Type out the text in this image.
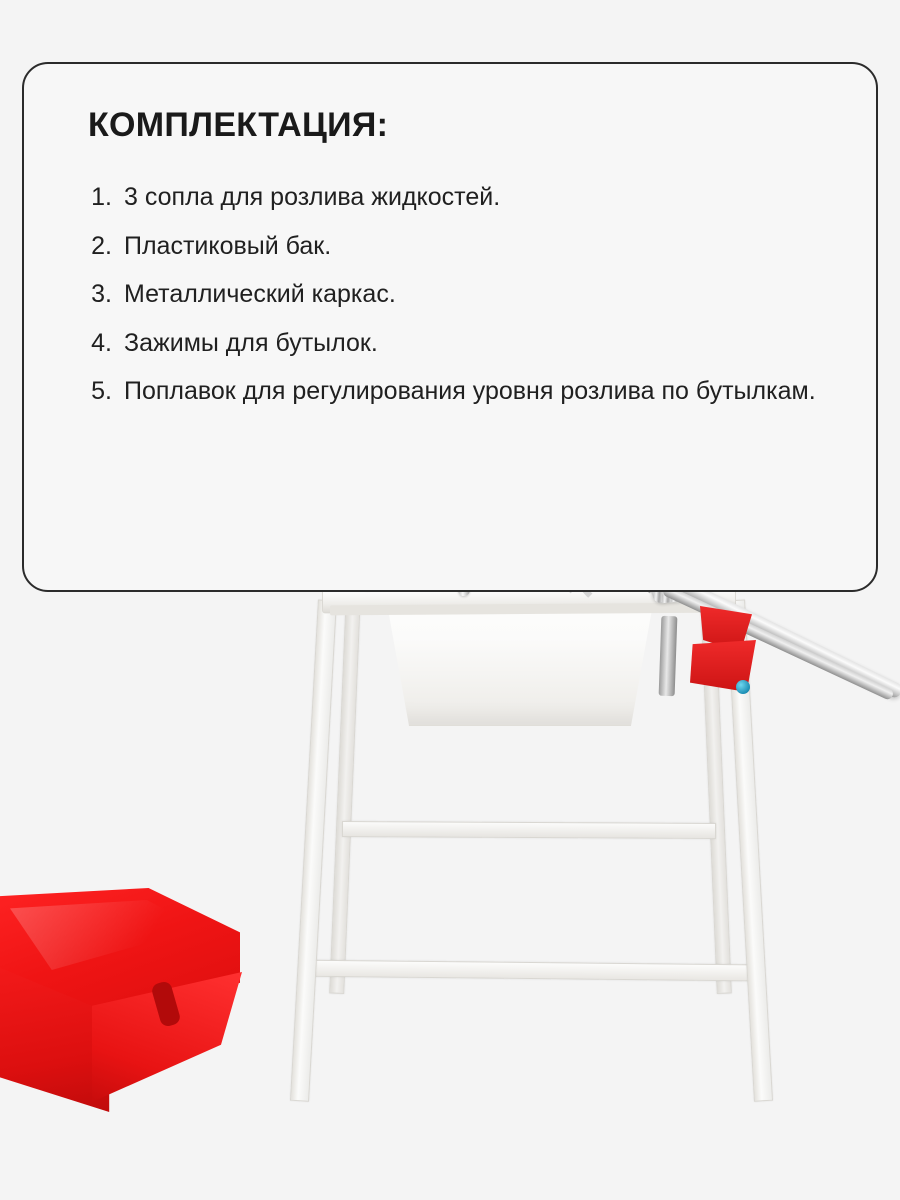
КОМПЛЕКТАЦИЯ:
3 сопла для розлива жидкостей.
Пластиковый бак.
Металлический каркас.
Зажимы для бутылок.
Поплавок для регулирования уровня розлива по бутылкам.
